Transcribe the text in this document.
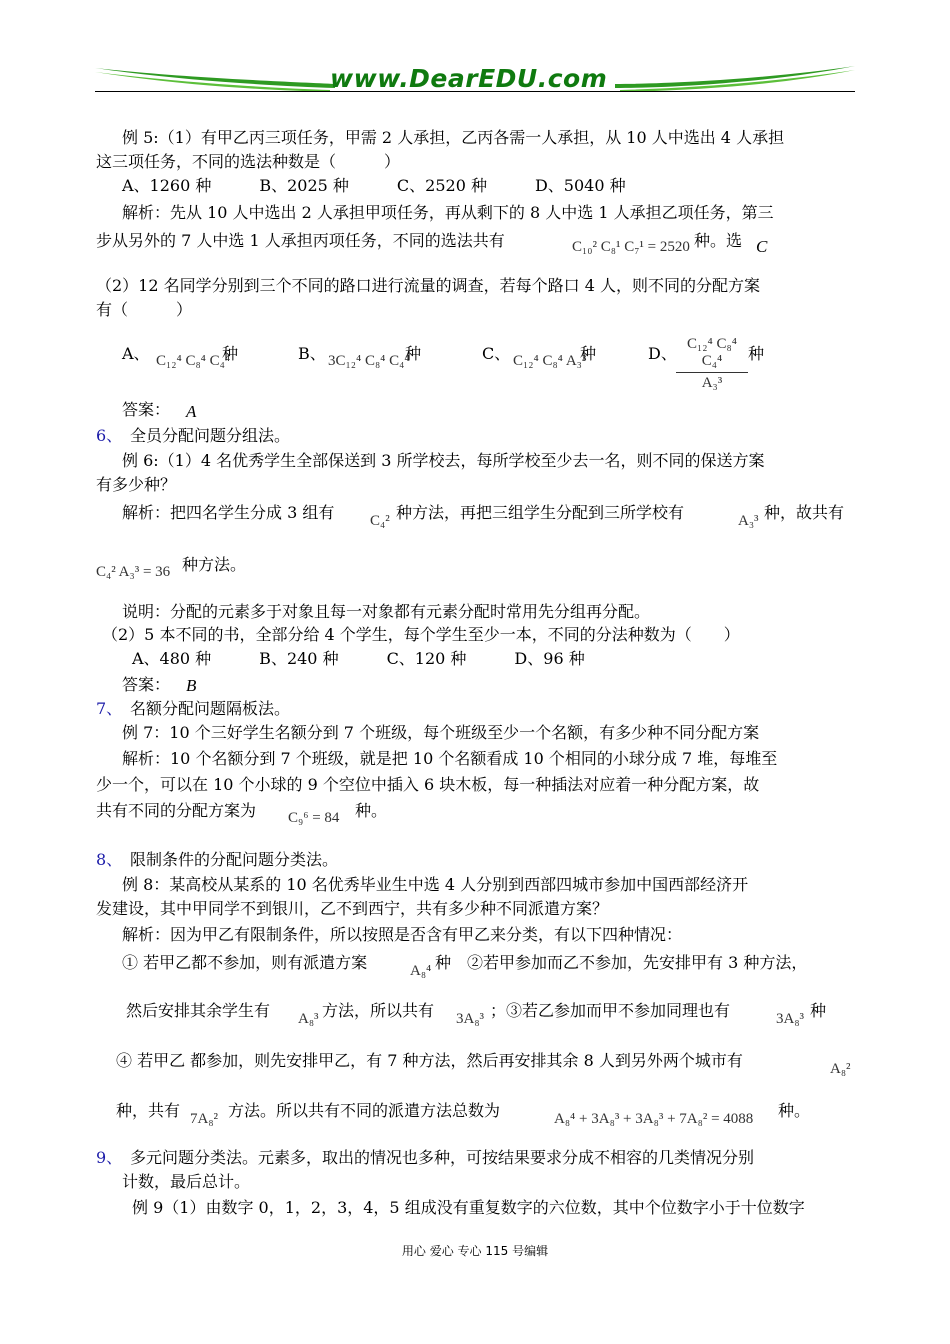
www.DearEDU.com
例 5:（1）有甲乙丙三项任务，甲需 2 人承担，乙丙各需一人承担，从 10 人中选出 4 人承担
这三项任务，不同的选法种数是（　　　）
A、1260 种　　　B、2025 种　　　C、2520 种　　　D、5040 种
解析：先从 10 人中选出 2 人承担甲项任务，再从剩下的 8 人中选 1 人承担乙项任务，第三
步从另外的 7 人中选 1 人承担丙项任务，不同的选法共有	C₁₀² C₈¹ C₇¹ = 2520 种。选 C
（2）12 名同学分别到三个不同的路口进行流量的调查，若每个路口 4 人，则不同的分配方案
有（　　　）
A、 C₁₂⁴ C₈⁴ C₄⁴
种	B、 3C₁₂⁴ C₈⁴ C₄⁴
种	C、 C₁₂⁴ C₈⁴ A₃³
种	D、 C₁₂⁴ C₈⁴ C₄⁴
A₃³
种
答案： A
6、 全员分配问题分组法。
例 6:（1）4 名优秀学生全部保送到 3 所学校去，每所学校至少去一名，则不同的保送方案
有多少种？
解析：把四名学生分成 3 组有 C₄² 种方法，再把三组学生分配到三所学校有	A₃³ 种，故共有
C₄² A₃³ = 36 种方法。
说明：分配的元素多于对象且每一对象都有元素分配时常用先分组再分配。
（2）5 本不同的书，全部分给 4 个学生，每个学生至少一本，不同的分法种数为（　　）
A、480 种　　　B、240 种　　　C、120 种　　　D、96 种
答案： B
7、 名额分配问题隔板法。
例 7：10 个三好学生名额分到 7 个班级，每个班级至少一个名额，有多少种不同分配方案
解析：10 个名额分到 7 个班级，就是把 10 个名额看成 10 个相同的小球分成 7 堆，每堆至
少一个，可以在 10 个小球的 9 个空位中插入 6 块木板，每一种插法对应着一种分配方案，故
共有不同的分配方案为 C₉⁶ = 84 种。
8、 限制条件的分配问题分类法。
例 8：某高校从某系的 10 名优秀毕业生中选 4 人分别到西部四城市参加中国西部经济开
发建设，其中甲同学不到银川，乙不到西宁，共有多少种不同派遣方案？
解析：因为甲乙有限制条件，所以按照是否含有甲乙来分类，有以下四种情况：
① 若甲乙都不参加，则有派遣方案	A₈⁴ 种　②若甲参加而乙不参加，先安排甲有 3 种方法，
然后安排其余学生有 A₈³ 方法，所以共有 3A₈³ ；③若乙参加而甲不参加同理也有	3A₈³ 种
④ 若甲乙 都参加，则先安排甲乙，有 7 种方法，然后再安排其余 8 人到另外两个城市有	A₈²
种，共有 7A₈² 方法。所以共有不同的派遣方法总数为	A₈⁴ + 3A₈³ + 3A₈³ + 7A₈² = 4088 种。
9、 多元问题分类法。元素多，取出的情况也多种，可按结果要求分成不相容的几类情况分别
计数，最后总计。
例 9（1）由数字 0，1，2，3，4，5 组成没有重复数字的六位数，其中个位数字小于十位数字
用心 爱心 专心 115 号编辑
